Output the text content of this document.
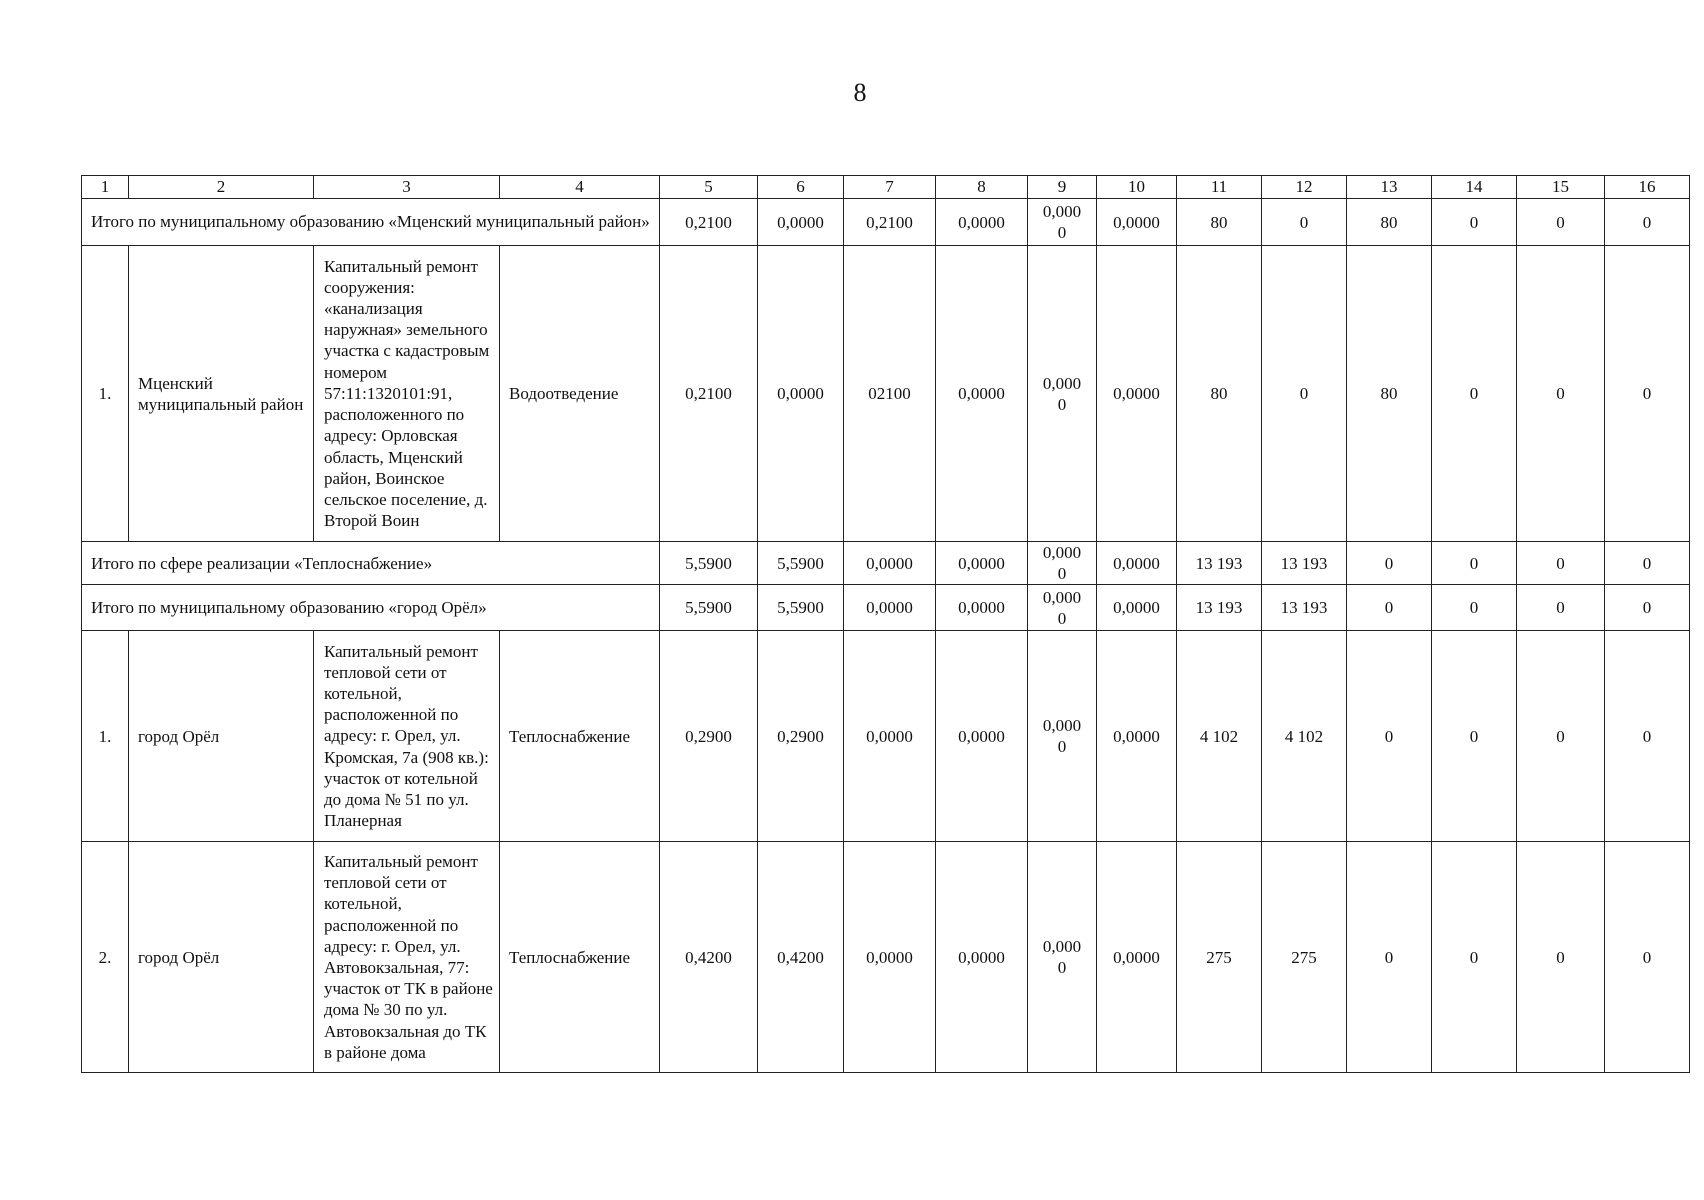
8
1	2	3	4	5	6	7	8	9	10	11	12	13	14	15	16
Итого по муниципальному образованию «Мценский муниципальный район»				0,2100	0,0000	0,2100	0,0000	0,0000	0,0000	80	0	80	0	0	0
1.	Мценский муниципальный район	Капитальный ремонт сооружения: «канализация наружная» земельного участка с кадастровым номером 57:11:1320101:91, расположенного по адресу: Орловская область, Мценский район, Воинское сельское поселение, д. Второй Воин	Водоотведение	0,2100	0,0000	02100	0,0000	0,0000	0,0000	80	0	80	0	0	0
Итого по сфере реализации «Теплоснабжение»				5,5900	5,5900	0,0000	0,0000	0,0000	0,0000	13 193	13 193	0	0	0	0
Итого по муниципальному образованию «город Орёл»				5,5900	5,5900	0,0000	0,0000	0,0000	0,0000	13 193	13 193	0	0	0	0
1.	город Орёл	Капитальный ремонт тепловой сети от котельной, расположенной по адресу: г. Орел, ул. Кромская, 7а (908 кв.): участок от котельной до дома № 51 по ул. Планерная	Теплоснабжение	0,2900	0,2900	0,0000	0,0000	0,0000	0,0000	4 102	4 102	0	0	0	0
2.	город Орёл	Капитальный ремонт тепловой сети от котельной, расположенной по адресу: г. Орел, ул. Автовокзальная, 77: участок от ТК в районе дома № 30 по ул. Автовокзальная до ТК в районе дома	Теплоснабжение	0,4200	0,4200	0,0000	0,0000	0,0000	0,0000	275	275	0	0	0	0
